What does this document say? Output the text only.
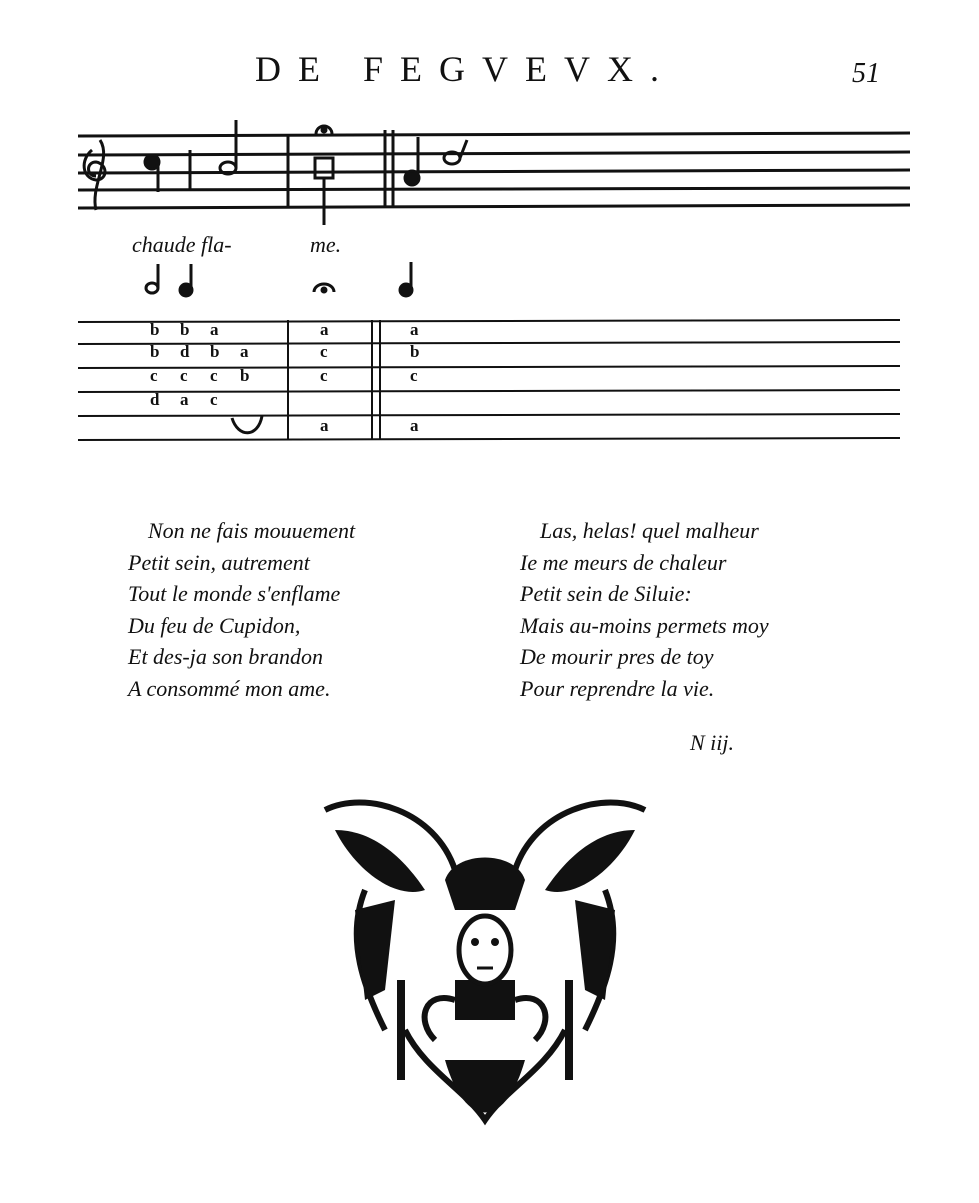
DE FEGVEVX.	51
chaude fla-	me.
b
b
c
d
b
d
c
a
a
b
c
c
a
b
a
c
c
a
a
b
c
a
Non ne fais mouuement
Petit sein, autrement
Tout le monde s'enflame
Du feu de Cupidon,
Et des-ja son brandon
A consommé mon ame.
Las, helas! quel malheur
Ie me meurs de chaleur
Petit sein de Siluie:
Mais au-moins permets moy
De mourir pres de toy
Pour reprendre la vie.
N iij.
